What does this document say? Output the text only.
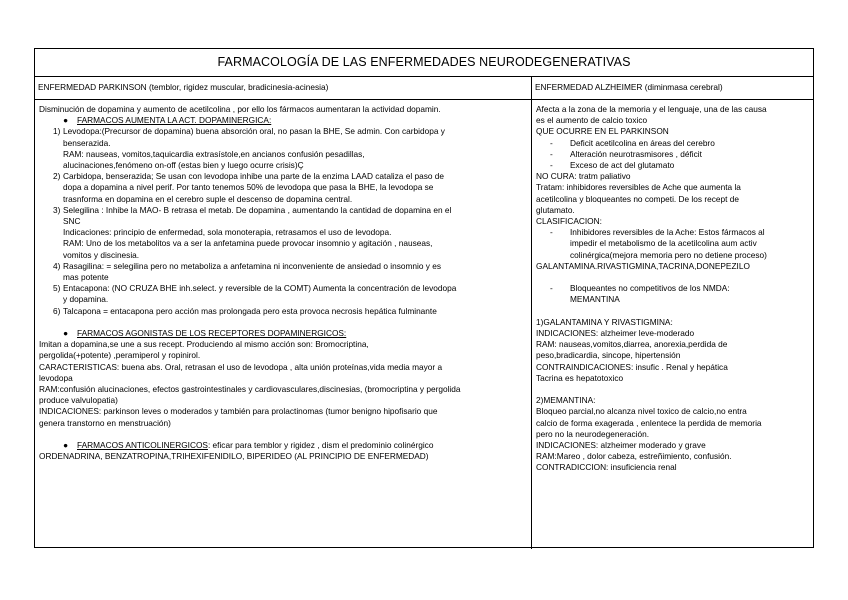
FARMACOLOGÍA DE LAS ENFERMEDADES NEURODEGENERATIVAS
ENFERMEDAD PARKINSON (temblor, rigidez muscular, bradicinesia-acinesia)	ENFERMEDAD ALZHEIMER (diminmasa cerebral)
Disminución de dopamina y aumento de acetilcolina , por ello los fármacos aumentaran la actividad dopamin.
● FARMACOS AUMENTA LA ACT. DOPAMINERGICA:
1) Levodopa:(Precursor de dopamina) buena absorción oral, no pasan la BHE, Se admin. Con carbidopa y
benserazida.
RAM: nauseas, vomitos,taquicardia extrasístole,en ancianos confusión pesadillas,
alucinaciones,fenómeno on-off (estas bien y luego ocurre crisis)Ç
2) Carbidopa, benserazida; Se usan con levodopa inhibe una parte de la enzima LAAD cataliza el paso de
dopa a dopamina a nivel perif. Por tanto tenemos 50% de levodopa que pasa la BHE, la levodopa se
trasnforma en dopamina en el cerebro suple el descenso de dopamina central.
3) Selegilina : Inhibe la MAO- B retrasa el metab. De dopamina , aumentando la cantidad de dopamina en el
SNC
Indicaciones: principio de enfermedad, sola monoterapia, retrasamos el uso de levodopa.
RAM: Uno de los metabolitos va a ser la anfetamina puede provocar insomnio y agitación , nauseas,
vomitos y discinesia.
4) Rasagilina: = selegilina pero no metaboliza a anfetamina ni inconveniente de ansiedad o insomnio y es
mas potente
5) Entacapona: (NO CRUZA BHE inh.select. y reversible de la COMT) Aumenta la concentración de levodopa
y dopamina.
6) Talcapona = entacapona pero acción mas prolongada pero esta provoca necrosis hepática fulminante
● FARMACOS AGONISTAS DE LOS RECEPTORES DOPAMINERGICOS:
Imitan a dopamina,se une a sus recept. Produciendo al mismo acción son: Bromocriptina,
pergolida(+potente) ,peramiperol y ropinirol.
CARACTERISTICAS: buena abs. Oral, retrasan el uso de levodopa , alta unión proteínas,vida media mayor a
levodopa
RAM:confusión alucinaciones, efectos gastrointestinales y cardiovasculares,discinesias, (bromocriptina y pergolida
produce valvulopatia)
INDICACIONES: parkinson leves o moderados y también para prolactinomas (tumor benigno hipofisario que
genera transtorno en menstruación)
● FARMACOS ANTICOLINERGICOS: eficar para temblor y rigidez , dism el predominio colinérgico
ORDENADRINA, BENZATROPINA,TRIHEXIFENIDILO, BIPERIDEO (AL PRINCIPIO DE ENFERMEDAD)
Afecta a la zona de la memoria y el lenguaje, una de las causa
es el aumento de calcio toxico
QUE OCURRE EN EL PARKINSON
- Deficit acetilcolina en áreas del cerebro
- Alteración neurotrasmisores , déficit
- Exceso de act del glutamato
NO CURA: tratm paliativo
Tratam: inhibidores reversibles de Ache que aumenta la
acetilcolina y bloqueantes no competi. De los recept de
glutamato.
CLASIFICACION:
- Inhibidores reversibles de la Ache: Estos fármacos al
impedir el metabolismo de la acetilcolina aum activ
colinérgica(mejora memoria pero no detiene proceso)
GALANTAMINA.RIVASTIGMINA,TACRINA,DONEPEZILO
- Bloqueantes no competitivos de los NMDA:
MEMANTINA
1)GALANTAMINA Y RIVASTIGMINA:
INDICACIONES: alzheimer leve-moderado
RAM: nauseas,vomitos,diarrea, anorexia,perdida de
peso,bradicardia, sincope, hipertensión
CONTRAINDICACIONES: insufic . Renal y hepática
Tacrina es hepatotoxico
2)MEMANTINA:
Bloqueo parcial,no alcanza nivel toxico de calcio,no entra
calcio de forma exagerada , enlentece la perdida de memoria
pero no la neurodegeneración.
INDICACIONES: alzheimer moderado y grave
RAM:Mareo , dolor cabeza, estreñimiento, confusión.
CONTRADICCION: insuficiencia renal
